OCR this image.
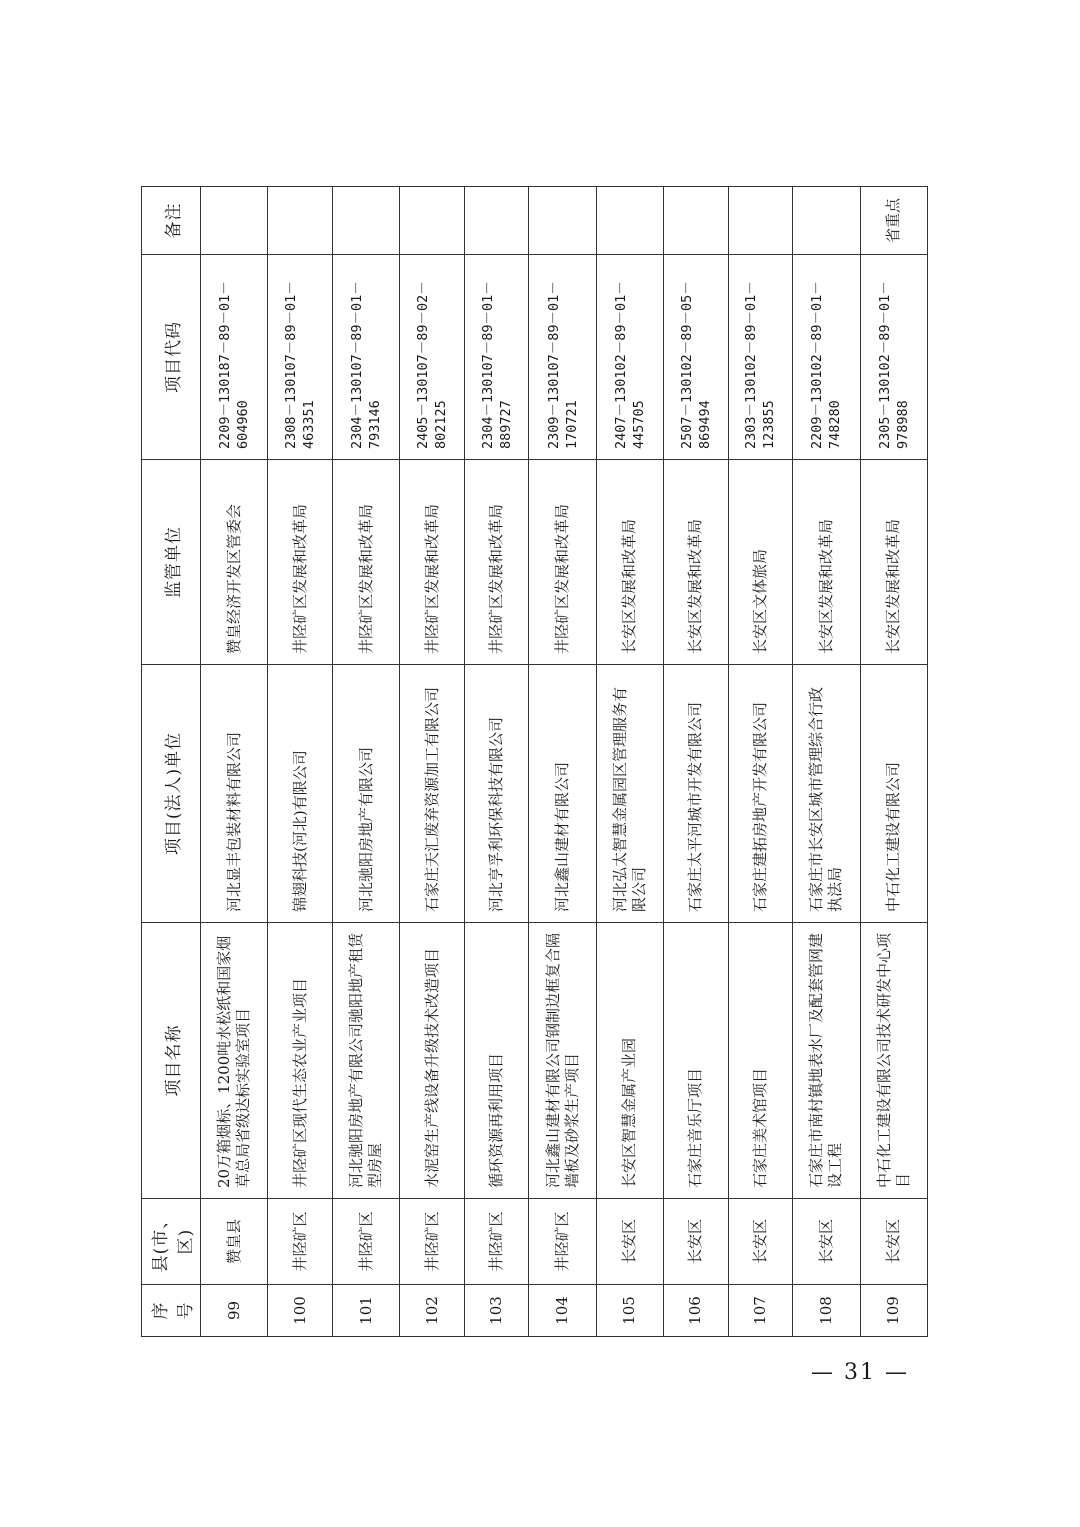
序号	县(市、区)	项目名称	项目(法人)单位	监管单位	项目代码	备注
99	赞皇县	20万箱烟标、1200吨水松纸和国家烟草总局省级达标实验室项目	河北显丰包装材料有限公司	赞皇经济开发区管委会	2209－130187－89－01－604960	
100	井陉矿区	井陉矿区现代生态农业产业项目	锦翅科技(河北)有限公司	井陉矿区发展和改革局	2308－130107－89－01－463351	
101	井陉矿区	河北驰阳房地产有限公司驰阳地产租赁型房屋	河北驰阳房地产有限公司	井陉矿区发展和改革局	2304－130107－89－01－793146	
102	井陉矿区	水泥窑生产线设备升级技术改造项目	石家庄天汇废弃资源加工有限公司	井陉矿区发展和改革局	2405－130107－89－02－802125	
103	井陉矿区	循环资源再利用项目	河北亨孚利环保科技有限公司	井陉矿区发展和改革局	2304－130107－89－01－889727	
104	井陉矿区	河北鑫山建材有限公司钢制边框复合隔墙板及砂浆生产项目	河北鑫山建材有限公司	井陉矿区发展和改革局	2309－130107－89－01－170721	
105	长安区	长安区智慧金属产业园	河北弘太智慧金属园区管理服务有限公司	长安区发展和改革局	2407－130102－89－01－445705	
106	长安区	石家庄音乐厅项目	石家庄太平河城市开发有限公司	长安区发展和改革局	2507－130102－89－05－869494	
107	长安区	石家庄美术馆项目	石家庄建拓房地产开发有限公司	长安区文体旅局	2303－130102－89－01－123855	
108	长安区	石家庄市南村镇地表水厂及配套管网建设工程	石家庄市长安区城市管理综合行政执法局	长安区发展和改革局	2209－130102－89－01－748280	
109	长安区	中石化工建设有限公司技术研发中心项目	中石化工建设有限公司	长安区发展和改革局	2305－130102－89－01－978988	省重点
— 31 —
